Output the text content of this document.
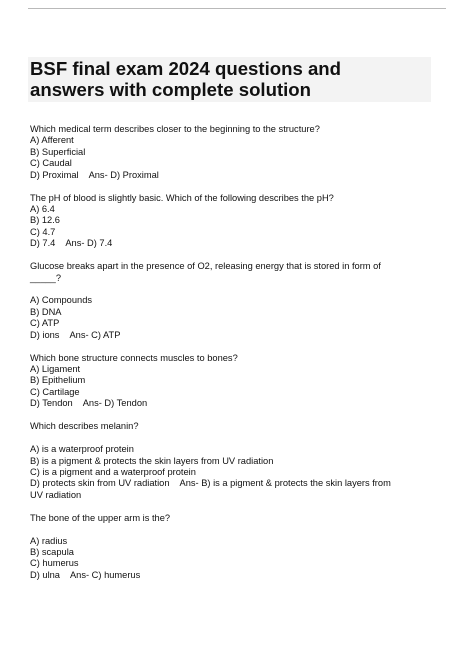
BSF final exam 2024 questions and
answers with complete solution

Which medical term describes closer to the beginning to the structure?

A) Afferent

B) Superficial

C) Caudal

D) Proximal Ans- D) Proximal

The pH of blood is slightly basic. Which of the following describes the pH?

A) 6.4

B) 12.6

C) 4.7

D) 7.4 Ans- D) 7.4

Glucose breaks apart in the presence of O2, releasing energy that is stored in form of
_____?

A) Compounds

B) DNA

C) ATP

D) ions Ans- C) ATP

Which bone structure connects muscles to bones?

A) Ligament

B) Epithelium

C) Cartilage

D) Tendon Ans- D) Tendon

Which describes melanin?

A) is a waterproof protein

B) is a pigment & protects the skin layers from UV radiation

C) is a pigment and a waterproof protein

D) protects skin from UV radiation Ans- B) is a pigment & protects the skin layers from
UV radiation

The bone of the upper arm is the?

A) radius

B) scapula

C) humerus

D) ulna Ans- C) humerus
